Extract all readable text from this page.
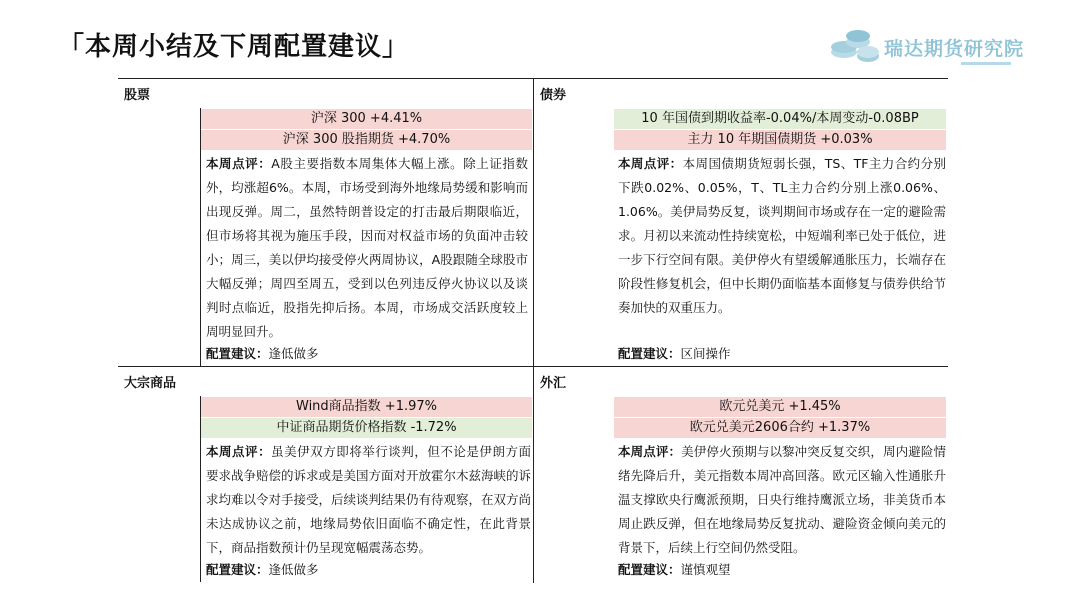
「本周小结及下周配置建议」	瑞达期货研究院
股票
沪深 300 +4.41%
沪深 300 股指期货 +4.70%
本周点评：A股主要指数本周集体大幅上涨。除上证指数外，均涨超6%。本周，市场受到海外地缘局势缓和影响而出现反弹。周二，虽然特朗普设定的打击最后期限临近，但市场将其视为施压手段，因而对权益市场的负面冲击较小；周三，美以伊均接受停火两周协议，A股跟随全球股市大幅反弹；周四至周五，受到以色列违反停火协议以及谈判时点临近，股指先抑后扬。本周，市场成交活跃度较上周明显回升。
配置建议：逢低做多
债券
10 年国债到期收益率-0.04%/本周变动-0.08BP
主力 10 年期国债期货 +0.03%
本周点评：本周国债期货短弱长强，TS、TF主力合约分别下跌0.02%、0.05%，T、TL主力合约分别上涨0.06%、1.06%。美伊局势反复，谈判期间市场或存在一定的避险需求。月初以来流动性持续宽松，中短端利率已处于低位，进一步下行空间有限。美伊停火有望缓解通胀压力，长端存在阶段性修复机会，但中长期仍面临基本面修复与债券供给节奏加快的双重压力。
配置建议：区间操作
大宗商品
Wind商品指数 +1.97%
中证商品期货价格指数 -1.72%
本周点评：虽美伊双方即将举行谈判，但不论是伊朗方面要求战争赔偿的诉求或是美国方面对开放霍尔木兹海峡的诉求均难以令对手接受，后续谈判结果仍有待观察，在双方尚未达成协议之前，地缘局势依旧面临不确定性，在此背景下，商品指数预计仍呈现宽幅震荡态势。
配置建议：逢低做多
外汇
欧元兑美元 +1.45%
欧元兑美元2606合约 +1.37%
本周点评：美伊停火预期与以黎冲突反复交织，周内避险情绪先降后升，美元指数本周冲高回落。欧元区输入性通胀升温支撑欧央行鹰派预期，日央行维持鹰派立场，非美货币本周止跌反弹，但在地缘局势反复扰动、避险资金倾向美元的背景下，后续上行空间仍然受阻。
配置建议：谨慎观望
